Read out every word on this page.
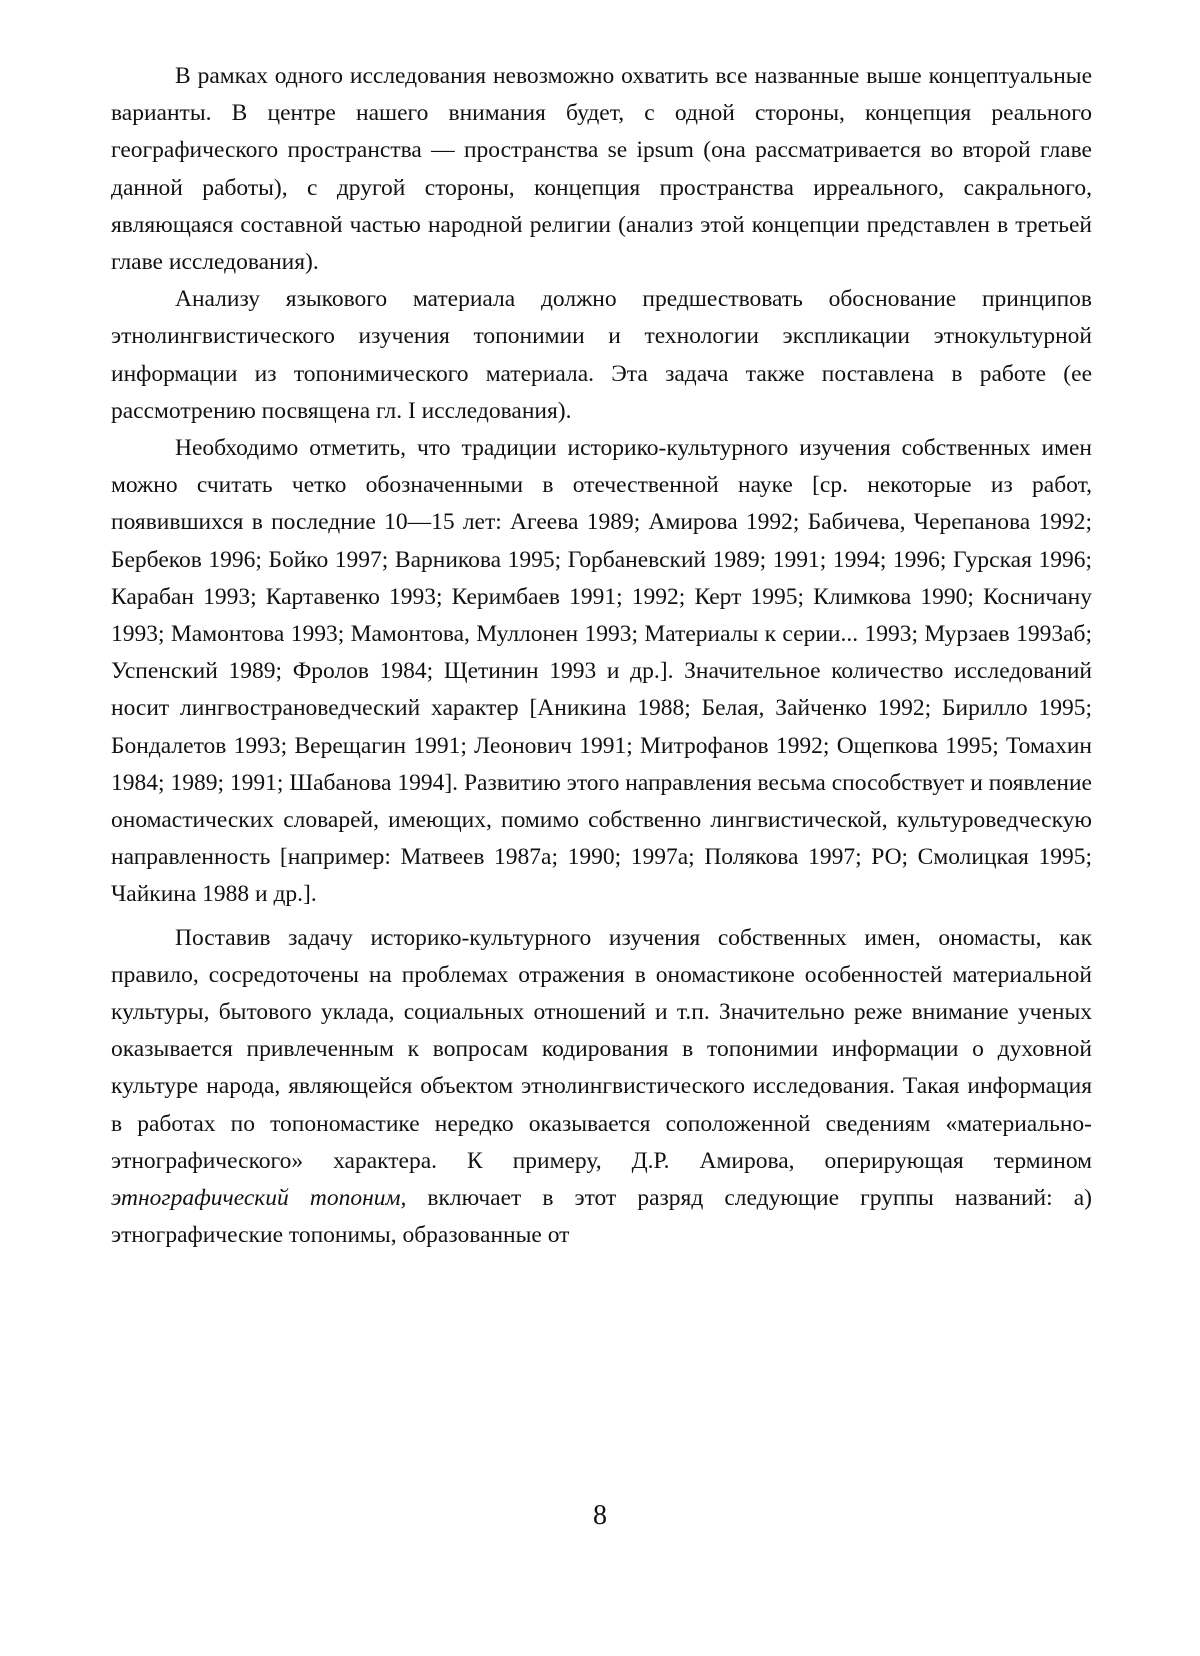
В рамках одного исследования невозможно охватить все названные выше концептуальные варианты. В центре нашего внимания будет, с одной стороны, концепция реального географического пространства — пространства se ipsum (она рассматривается во второй главе данной работы), с другой стороны, концепция пространства ирреального, сакрального, являющаяся составной частью народной религии (анализ этой концепции представлен в третьей главе исследования).

Анализу языкового материала должно предшествовать обоснование принципов этнолингвистического изучения топонимии и технологии экспликации этнокультурной информации из топонимического материала. Эта задача также поставлена в работе (ее рассмотрению посвящена гл. I исследования).

Необходимо отметить, что традиции историко-культурного изучения собственных имен можно считать четко обозначенными в отечественной науке [ср. некоторые из работ, появившихся в последние 10—15 лет: Агеева 1989; Амирова 1992; Бабичева, Черепанова 1992; Бербеков 1996; Бойко 1997; Варникова 1995; Горбаневский 1989; 1991; 1994; 1996; Гурская 1996; Карабан 1993; Картавенко 1993; Керимбаев 1991; 1992; Керт 1995; Климкова 1990; Косничану 1993; Мамонтова 1993; Мамонтова, Муллонен 1993; Материалы к серии... 1993; Мурзаев 1993аб; Успенский 1989; Фролов 1984; Щетинин 1993 и др.]. Значительное количество исследований носит лингвострановедческий характер [Аникина 1988; Белая, Зайченко 1992; Бирилло 1995; Бондалетов 1993; Верещагин 1991; Леонович 1991; Митрофанов 1992; Ощепкова 1995; Томахин 1984; 1989; 1991; Шабанова 1994]. Развитию этого направления весьма способствует и появление ономастических словарей, имеющих, помимо собственно лингвистической, культуроведческую направленность [например: Матвеев 1987а; 1990; 1997а; Полякова 1997; РО; Смолицкая 1995; Чайкина 1988 и др.].

Поставив задачу историко-культурного изучения собственных имен, ономасты, как правило, сосредоточены на проблемах отражения в ономастиконе особенностей материальной культуры, бытового уклада, социальных отношений и т.п. Значительно реже внимание ученых оказывается привлеченным к вопросам кодирования в топонимии информации о духовной культуре народа, являющейся объектом этнолингвистического исследования. Такая информация в работах по топономастике нередко оказывается соположенной сведениям «материально-этнографического» характера. К примеру, Д.Р. Амирова, оперирующая термином этнографический топоним, включает в этот разряд следующие группы названий: а) этнографические топонимы, образованные от

8
